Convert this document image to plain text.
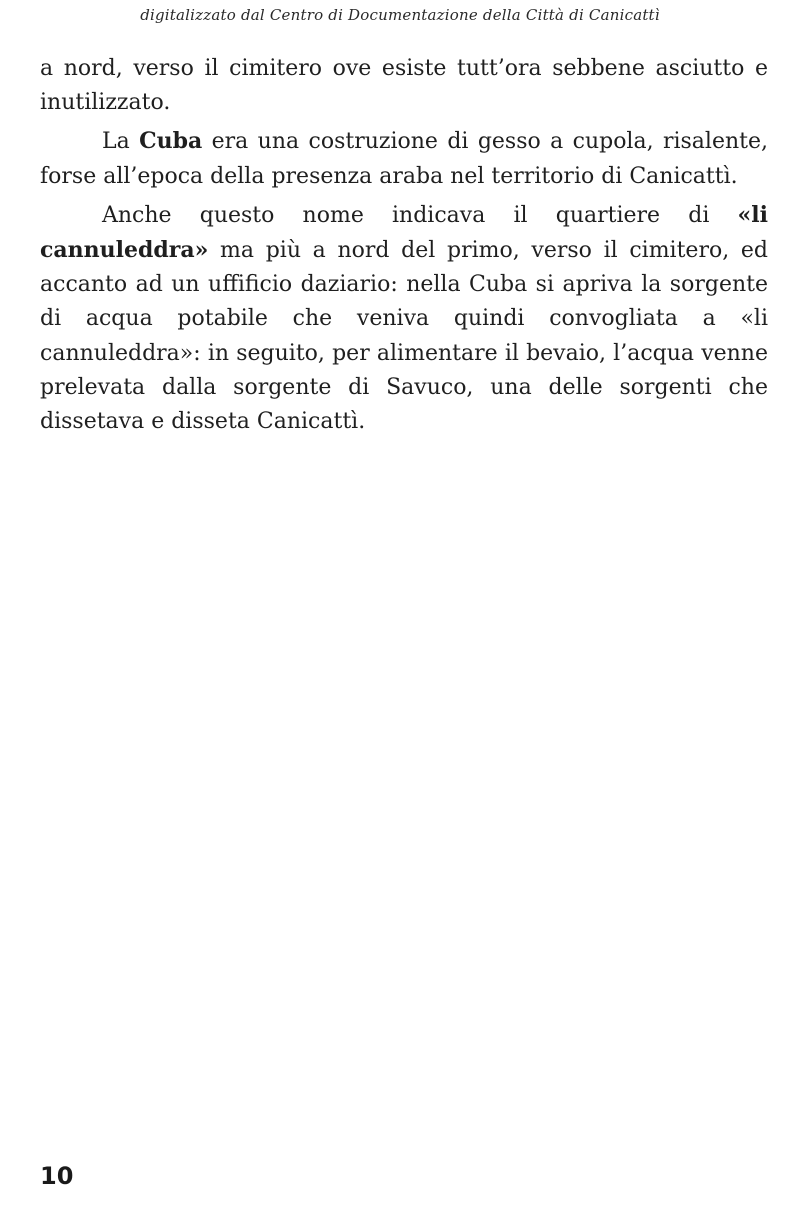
digitalizzato dal Centro di Documentazione della Città di Canicattì

a nord, verso il cimitero ove esiste tutt’ora sebbene asciutto e inutilizzato.

La Cuba era una costruzione di gesso a cupola, risalente, forse all’epoca della presenza araba nel territorio di Canicattì.

Anche questo nome indicava il quartiere di «li cannuleddra» ma più a nord del primo, verso il cimitero, ed accanto ad un uffificio daziario: nella Cuba si apriva la sorgente di acqua potabile che veniva quindi convogliata a «li cannuleddra»: in seguito, per alimentare il bevaio, l’acqua venne prelevata dalla sorgente di Savuco, una delle sorgenti che dissetava e disseta Canicattì.

10
